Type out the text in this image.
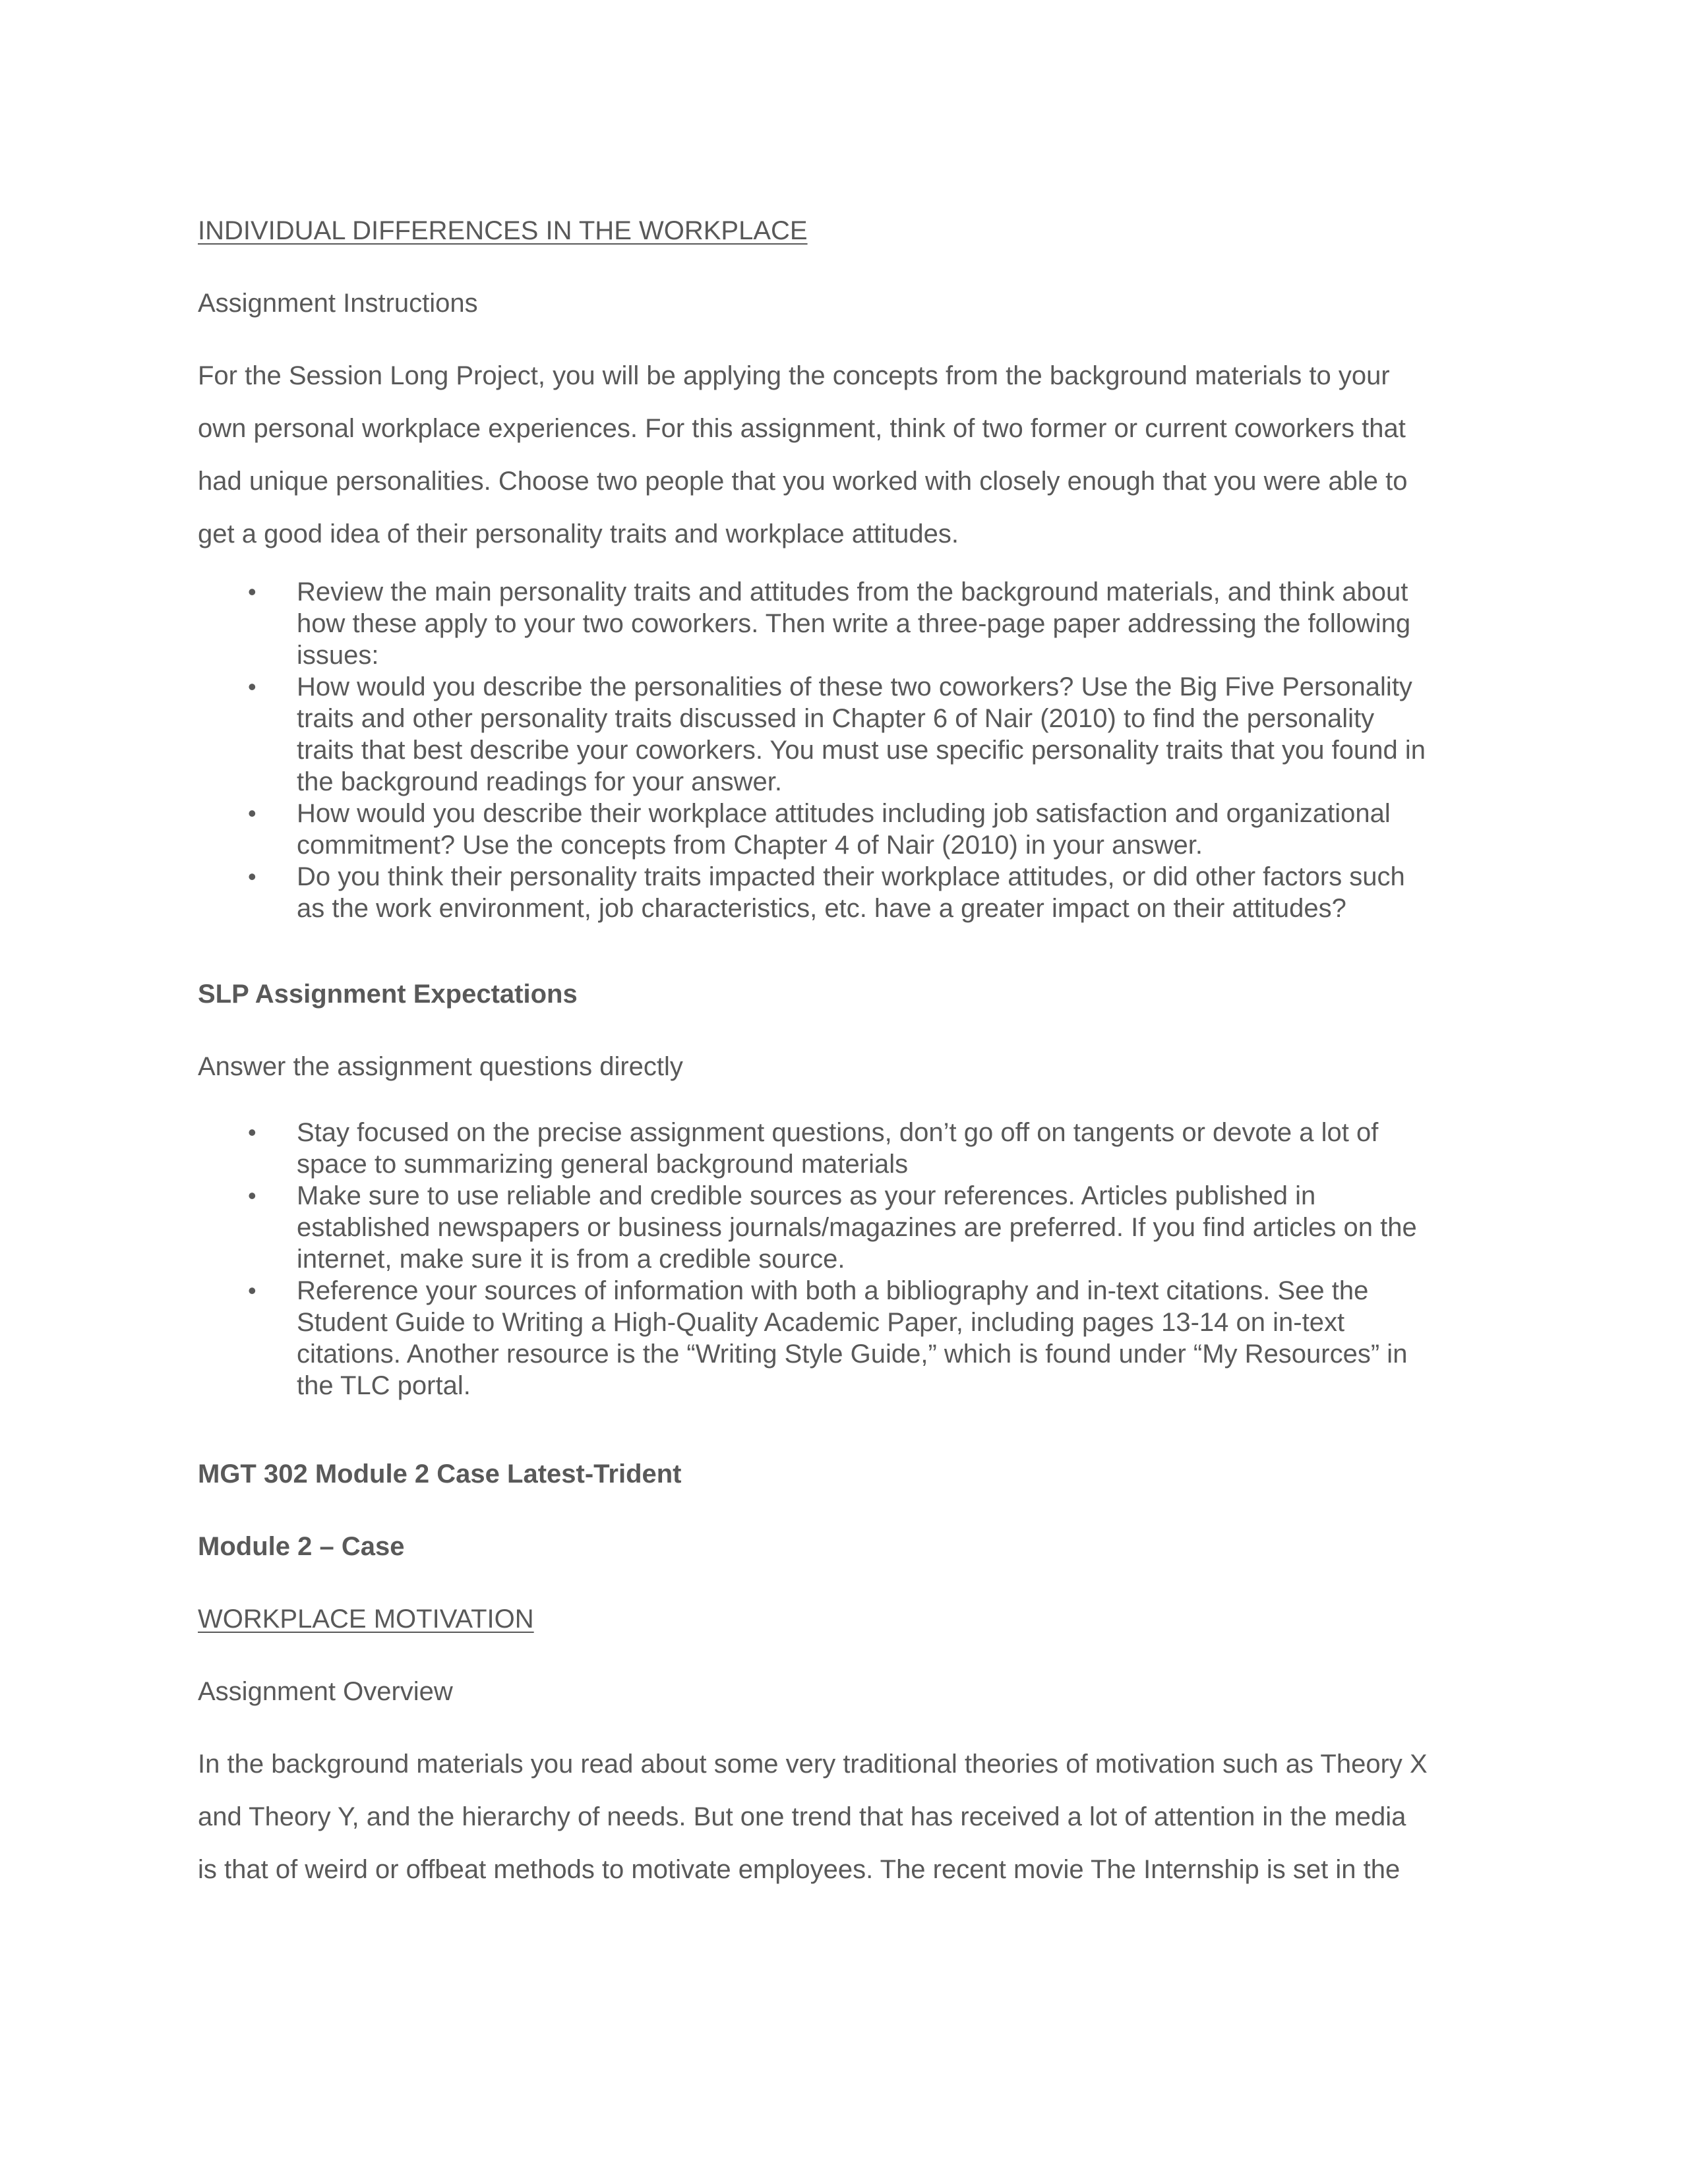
INDIVIDUAL DIFFERENCES IN THE WORKPLACE

Assignment Instructions

For the Session Long Project, you will be applying the concepts from the background materials to your

own personal workplace experiences. For this assignment, think of two former or current coworkers that

had unique personalities. Choose two people that you worked with closely enough that you were able to

get a good idea of their personality traits and workplace attitudes.

• Review the main personality traits and attitudes from the background materials, and think about
how these apply to your two coworkers. Then write a three-page paper addressing the following
issues:
• How would you describe the personalities of these two coworkers? Use the Big Five Personality
traits and other personality traits discussed in Chapter 6 of Nair (2010) to find the personality
traits that best describe your coworkers. You must use specific personality traits that you found in
the background readings for your answer.
• How would you describe their workplace attitudes including job satisfaction and organizational
commitment? Use the concepts from Chapter 4 of Nair (2010) in your answer.
• Do you think their personality traits impacted their workplace attitudes, or did other factors such
as the work environment, job characteristics, etc. have a greater impact on their attitudes?

SLP Assignment Expectations

Answer the assignment questions directly

• Stay focused on the precise assignment questions, don’t go off on tangents or devote a lot of
space to summarizing general background materials
• Make sure to use reliable and credible sources as your references. Articles published in
established newspapers or business journals/magazines are preferred. If you find articles on the
internet, make sure it is from a credible source.
• Reference your sources of information with both a bibliography and in-text citations. See the
Student Guide to Writing a High-Quality Academic Paper, including pages 13-14 on in-text
citations. Another resource is the “Writing Style Guide,” which is found under “My Resources” in
the TLC portal.

MGT 302 Module 2 Case Latest-Trident

Module 2 – Case

WORKPLACE MOTIVATION

Assignment Overview

In the background materials you read about some very traditional theories of motivation such as Theory X

and Theory Y, and the hierarchy of needs. But one trend that has received a lot of attention in the media

is that of weird or offbeat methods to motivate employees. The recent movie The Internship is set in the
